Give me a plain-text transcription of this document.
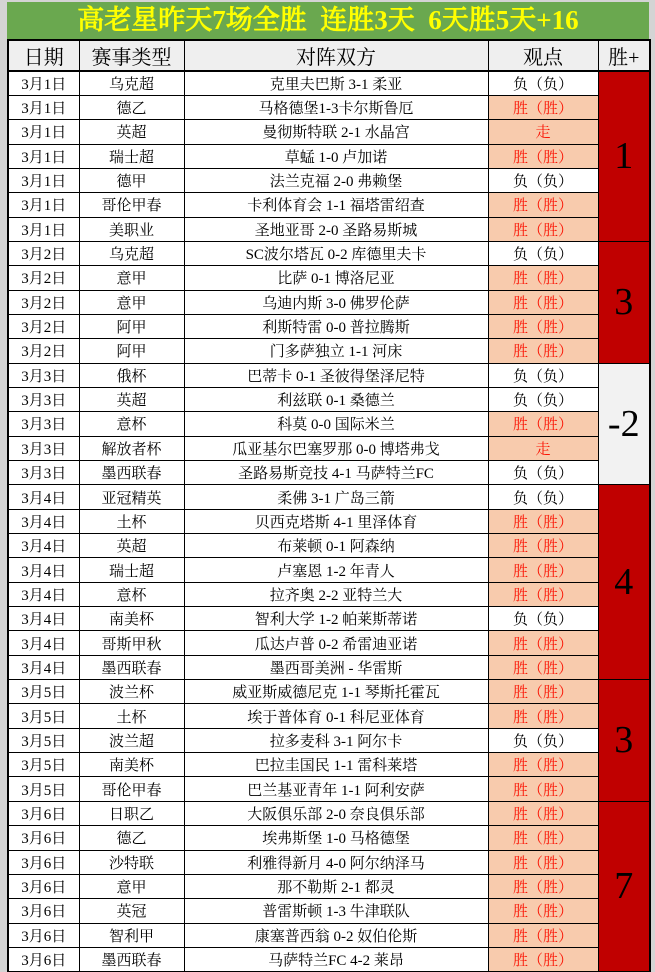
高老星昨天7场全胜  连胜3天  6天胜5天+16
日期	赛事类型	对阵双方	观点	胜+
3月1日	乌克超	克里夫巴斯 3-1 柔亚	负（负）	1
3月1日	德乙	马格德堡1-3卡尔斯鲁厄	胜（胜）	
3月1日	英超	曼彻斯特联 2-1 水晶宫	走	
3月1日	瑞士超	草蜢 1-0 卢加诺	胜（胜）	
3月1日	德甲	法兰克福 2-0 弗赖堡	负（负）	
3月1日	哥伦甲春	卡利体育会 1-1 福塔雷绍查	胜（胜）	
3月1日	美职业	圣地亚哥 2-0 圣路易斯城	胜（胜）	
3月2日	乌克超	SC波尔塔瓦 0-2 库德里夫卡	负（负）	3
3月2日	意甲	比萨 0-1 博洛尼亚	胜（胜）	
3月2日	意甲	乌迪内斯 3-0 佛罗伦萨	胜（胜）	
3月2日	阿甲	利斯特雷 0-0 普拉腾斯	胜（胜）	
3月2日	阿甲	门多萨独立 1-1 河床	胜（胜）	
3月3日	俄杯	巴蒂卡 0-1 圣彼得堡泽尼特	负（负）	-2
3月3日	英超	利兹联 0-1 桑德兰	负（负）	
3月3日	意杯	科莫 0-0 国际米兰	胜（胜）	
3月3日	解放者杯	瓜亚基尔巴塞罗那 0-0 博塔弗戈	走	
3月3日	墨西联春	圣路易斯竞技 4-1 马萨特兰FC	负（负）	
3月4日	亚冠精英	柔佛 3-1 广岛三箭	负（负）	4
3月4日	土杯	贝西克塔斯 4-1 里泽体育	胜（胜）	
3月4日	英超	布莱顿 0-1 阿森纳	胜（胜）	
3月4日	瑞士超	卢塞恩 1-2 年青人	胜（胜）	
3月4日	意杯	拉齐奥 2-2 亚特兰大	胜（胜）	
3月4日	南美杯	智利大学 1-2 帕莱斯蒂诺	负（负）	
3月4日	哥斯甲秋	瓜达卢普 0-2 希雷迪亚诺	胜（胜）	
3月4日	墨西联春	墨西哥美洲 - 华雷斯	胜（胜）	
3月5日	波兰杯	威亚斯威德尼克 1-1 琴斯托霍瓦	胜（胜）	3
3月5日	土杯	埃于普体育 0-1 科尼亚体育	胜（胜）	
3月5日	波兰超	拉多麦科 3-1 阿尔卡	负（负）	
3月5日	南美杯	巴拉圭国民 1-1 雷科莱塔	胜（胜）	
3月5日	哥伦甲春	巴兰基亚青年 1-1 阿利安萨	胜（胜）	
3月6日	日职乙	大阪俱乐部 2-0 奈良俱乐部	胜（胜）	7
3月6日	德乙	埃弗斯堡 1-0 马格德堡	胜（胜）	
3月6日	沙特联	利雅得新月 4-0 阿尔纳泽马	胜（胜）	
3月6日	意甲	那不勒斯 2-1 都灵	胜（胜）	
3月6日	英冠	普雷斯顿 1-3 牛津联队	胜（胜）	
3月6日	智利甲	康塞普西翁 0-2 奴伯伦斯	胜（胜）	
3月6日	墨西联春	马萨特兰FC 4-2 莱昂	胜（胜）	
